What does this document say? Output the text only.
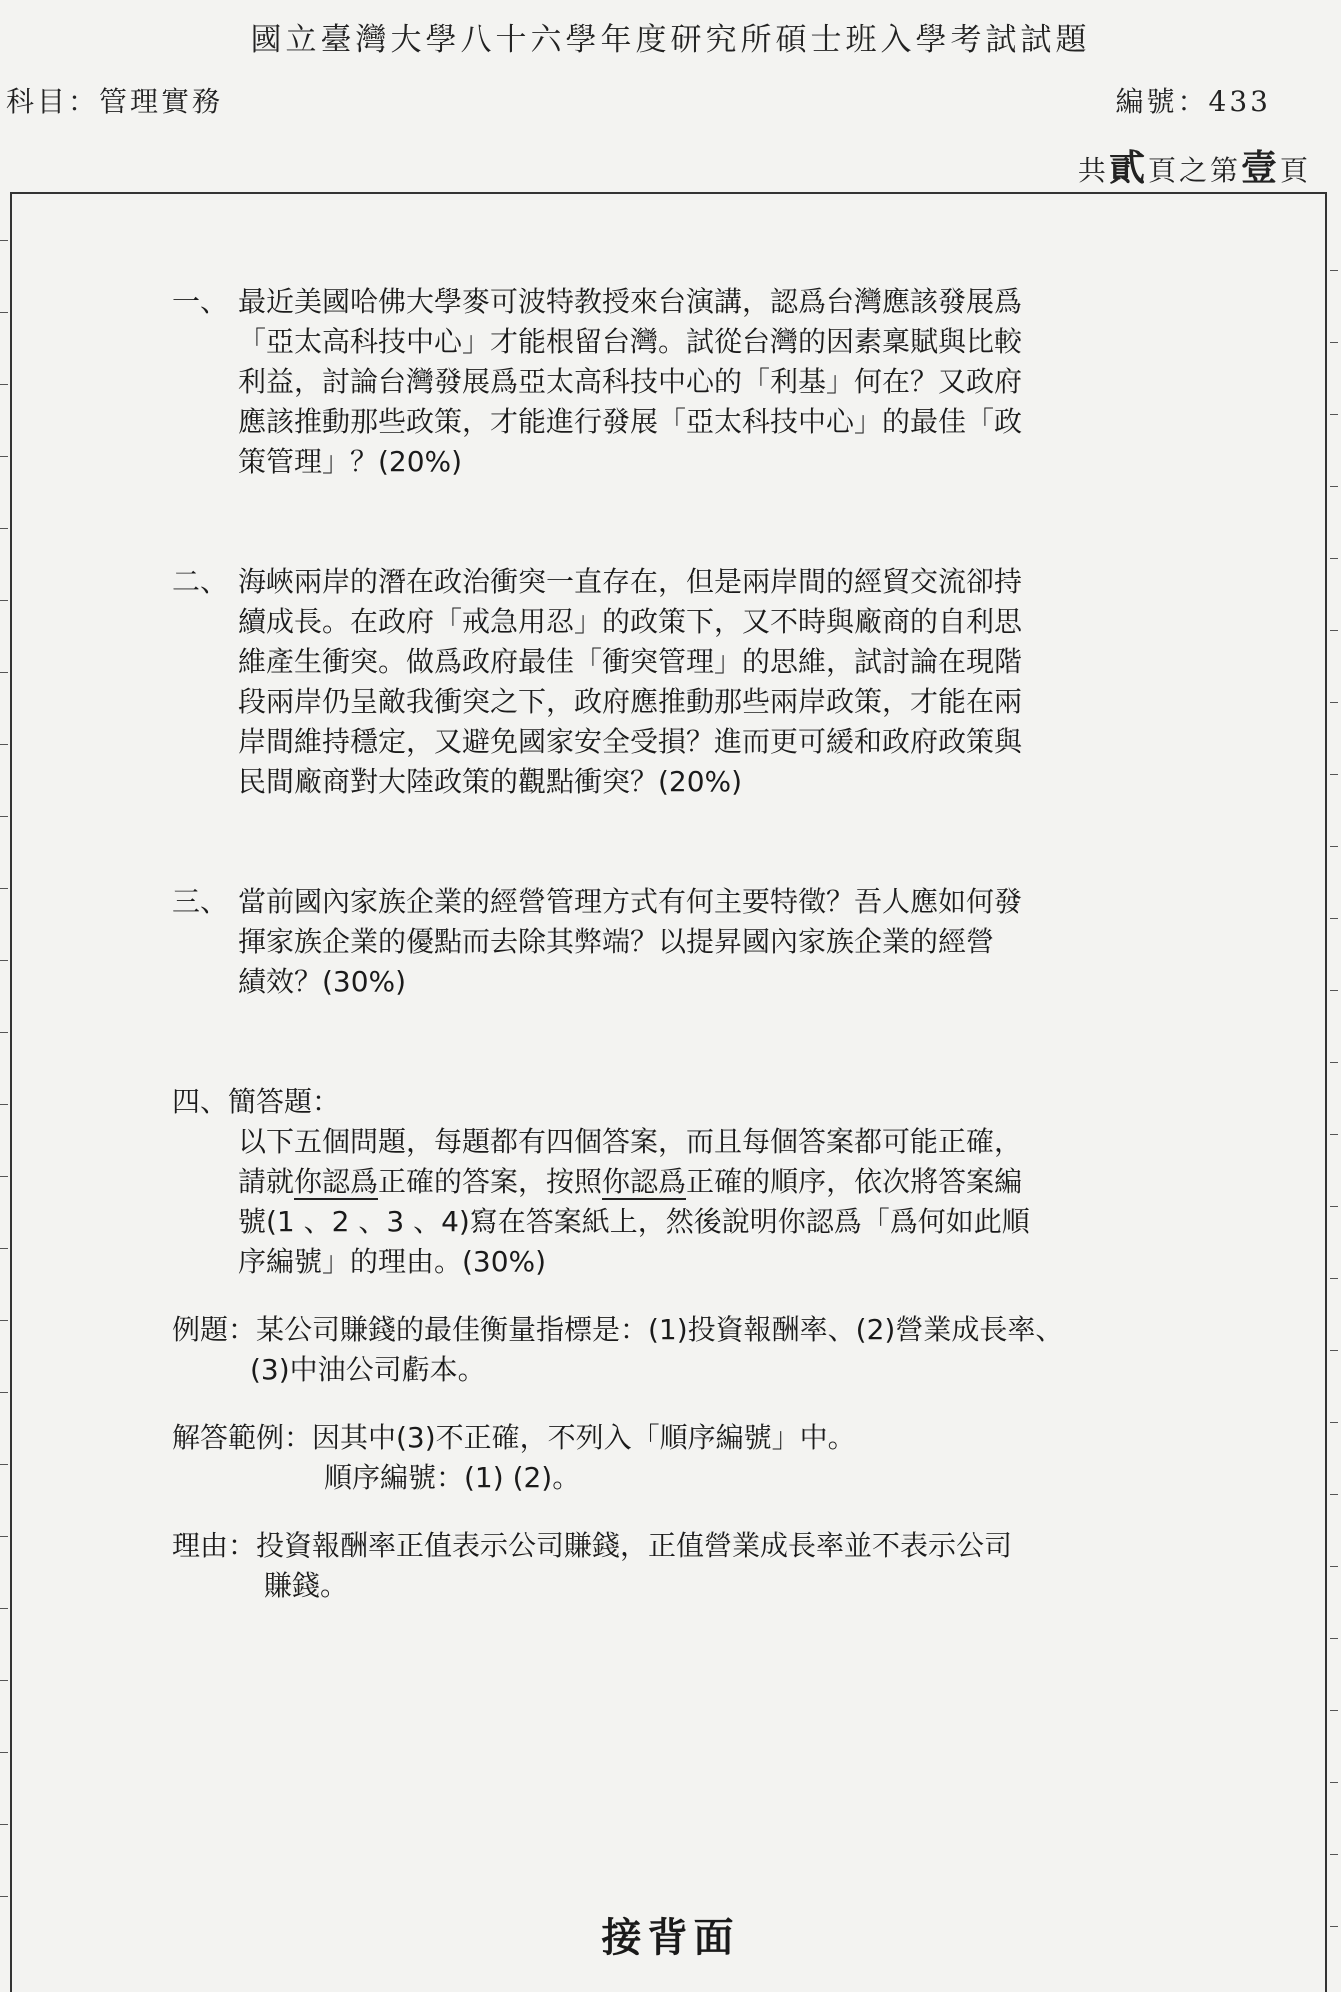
國立臺灣大學八十六學年度研究所碩士班入學考試試題
科目：管理實務	編號：433
共貳頁之第壹頁
一、 最近美國哈佛大學麥可波特教授來台演講，認爲台灣應該發展爲
「亞太高科技中心」才能根留台灣。試從台灣的因素稟賦與比較
利益，討論台灣發展爲亞太高科技中心的「利基」何在？又政府
應該推動那些政策，才能進行發展「亞太科技中心」的最佳「政
策管理」？(20%)
二、 海峽兩岸的潛在政治衝突一直存在，但是兩岸間的經貿交流卻持
續成長。在政府「戒急用忍」的政策下，又不時與廠商的自利思
維產生衝突。做爲政府最佳「衝突管理」的思維，試討論在現階
段兩岸仍呈敵我衝突之下，政府應推動那些兩岸政策，才能在兩
岸間維持穩定，又避免國家安全受損？進而更可緩和政府政策與
民間廠商對大陸政策的觀點衝突？(20%)
三、 當前國內家族企業的經營管理方式有何主要特徵？吾人應如何發
揮家族企業的優點而去除其弊端？以提昇國內家族企業的經營
績效？(30%)
四、簡答題：
以下五個問題，每題都有四個答案，而且每個答案都可能正確，
請就你認爲正確的答案，按照你認爲正確的順序，依次將答案編
號(1 、2 、3 、4)寫在答案紙上，然後說明你認爲「爲何如此順
序編號」的理由。(30%)
例題：某公司賺錢的最佳衡量指標是：(1)投資報酬率、(2)營業成長率、
(3)中油公司虧本。
解答範例：因其中(3)不正確，不列入「順序編號」中。
順序編號：(1) (2)。
理由：投資報酬率正值表示公司賺錢，正值營業成長率並不表示公司
賺錢。
接背面
